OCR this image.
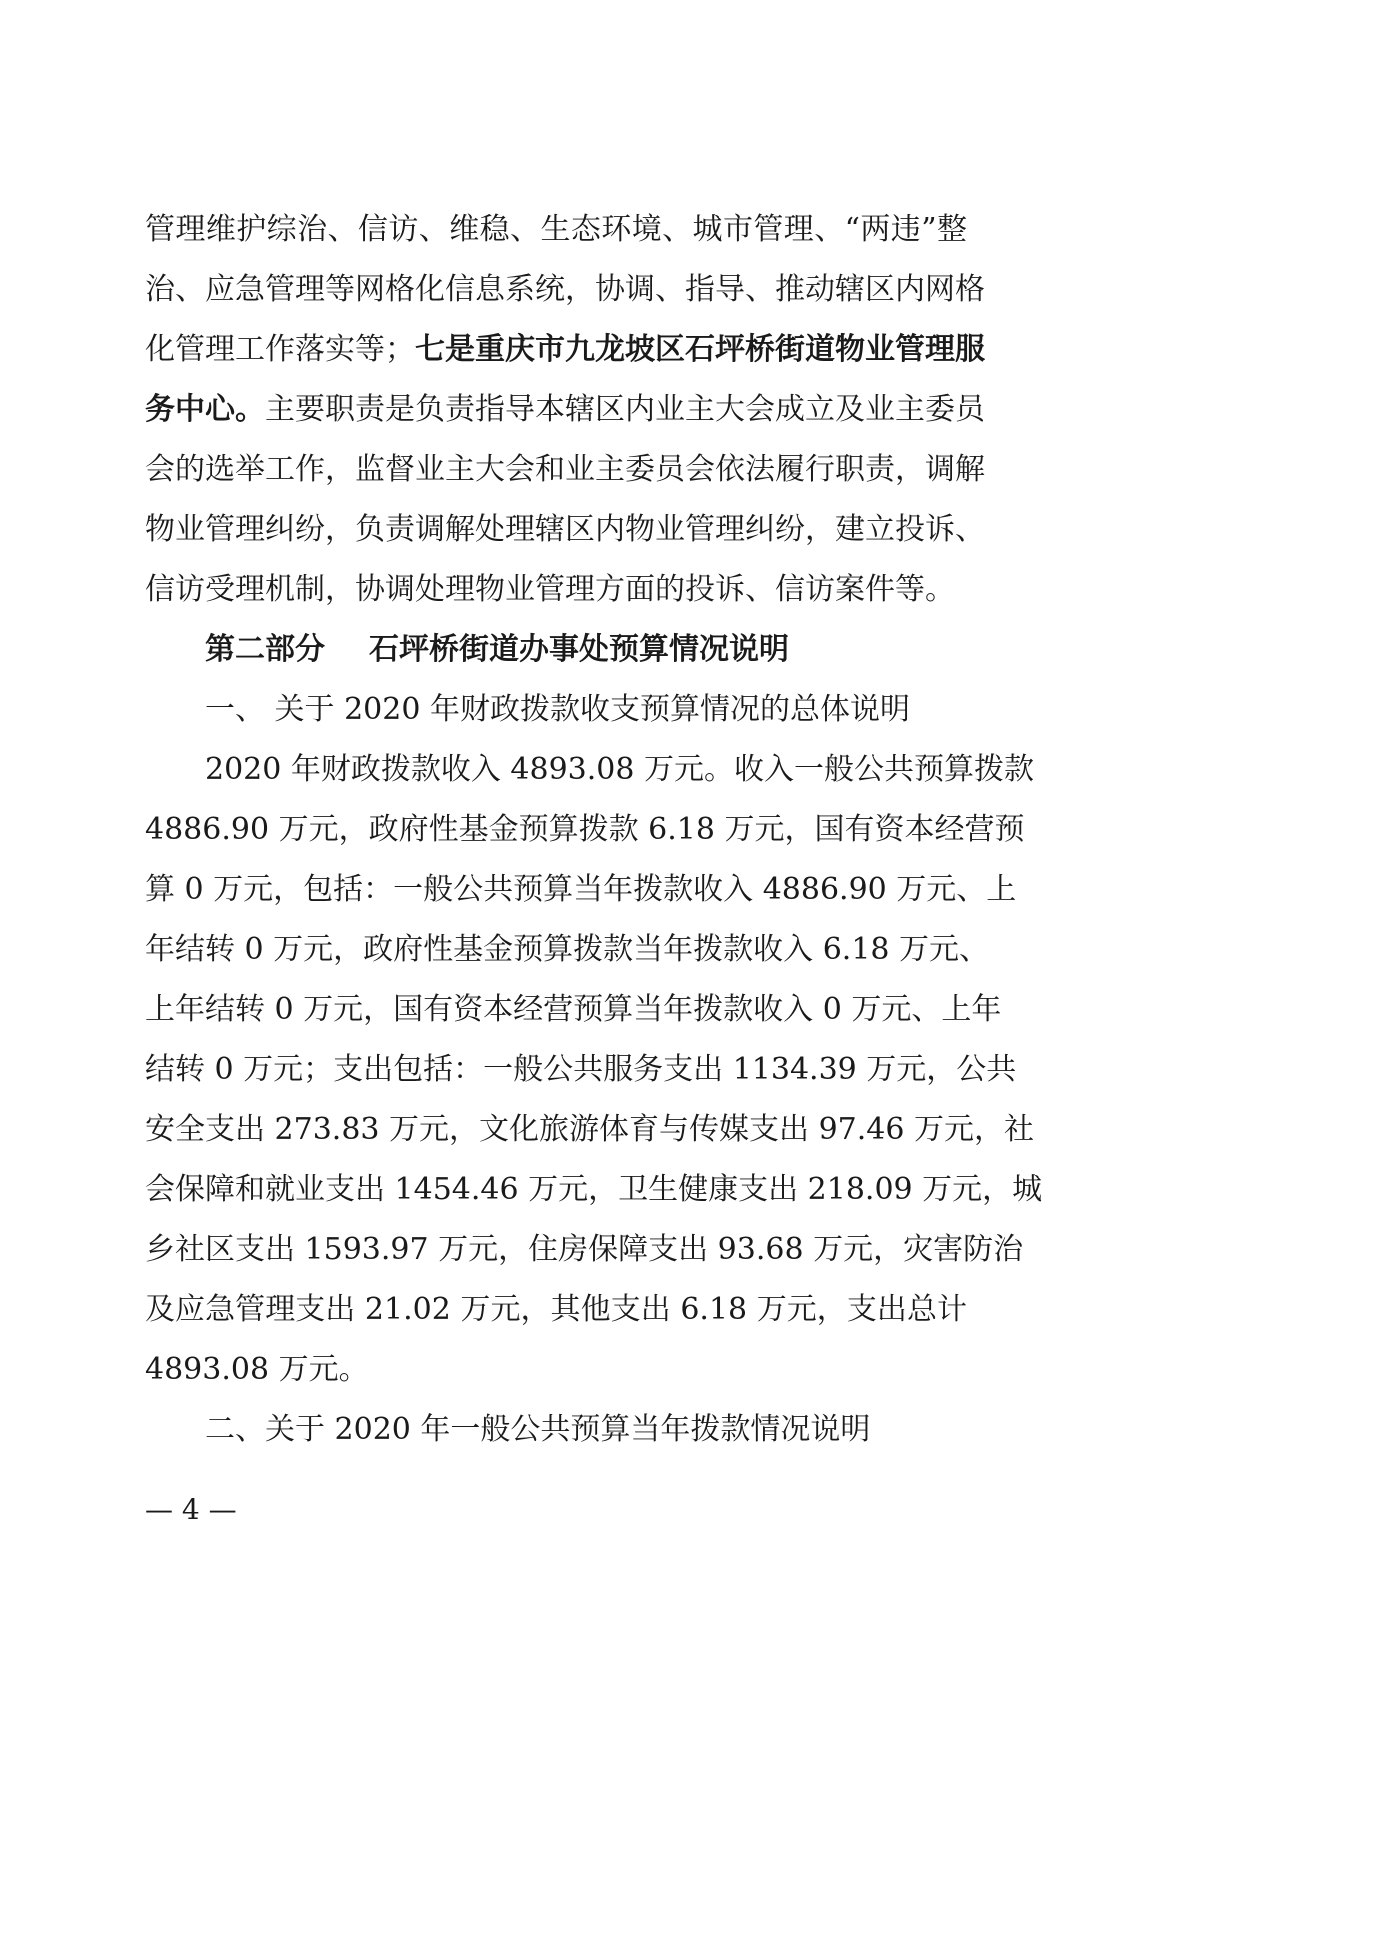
管理维护综治、信访、维稳、生态环境、城市管理、“两违”整
治、应急管理等网格化信息系统，协调、指导、推动辖区内网格
化管理工作落实等；七是重庆市九龙坡区石坪桥街道物业管理服
务中心。主要职责是负责指导本辖区内业主大会成立及业主委员
会的选举工作，监督业主大会和业主委员会依法履行职责，调解
物业管理纠纷，负责调解处理辖区内物业管理纠纷，建立投诉、
信访受理机制，协调处理物业管理方面的投诉、信访案件等。
第二部分 石坪桥街道办事处预算情况说明
一、 关于 2020 年财政拨款收支预算情况的总体说明
2020 年财政拨款收入 4893.08 万元。收入一般公共预算拨款
4886.90 万元，政府性基金预算拨款 6.18 万元，国有资本经营预
算 0 万元，包括：一般公共预算当年拨款收入 4886.90 万元、上
年结转 0 万元，政府性基金预算拨款当年拨款收入 6.18 万元、
上年结转 0 万元，国有资本经营预算当年拨款收入 0 万元、上年
结转 0 万元；支出包括：一般公共服务支出 1134.39 万元，公共
安全支出 273.83 万元，文化旅游体育与传媒支出 97.46 万元，社
会保障和就业支出 1454.46 万元，卫生健康支出 218.09 万元，城
乡社区支出 1593.97 万元，住房保障支出 93.68 万元，灾害防治
及应急管理支出 21.02 万元，其他支出 6.18 万元，支出总计
4893.08 万元。
二、关于 2020 年一般公共预算当年拨款情况说明
— 4 —
